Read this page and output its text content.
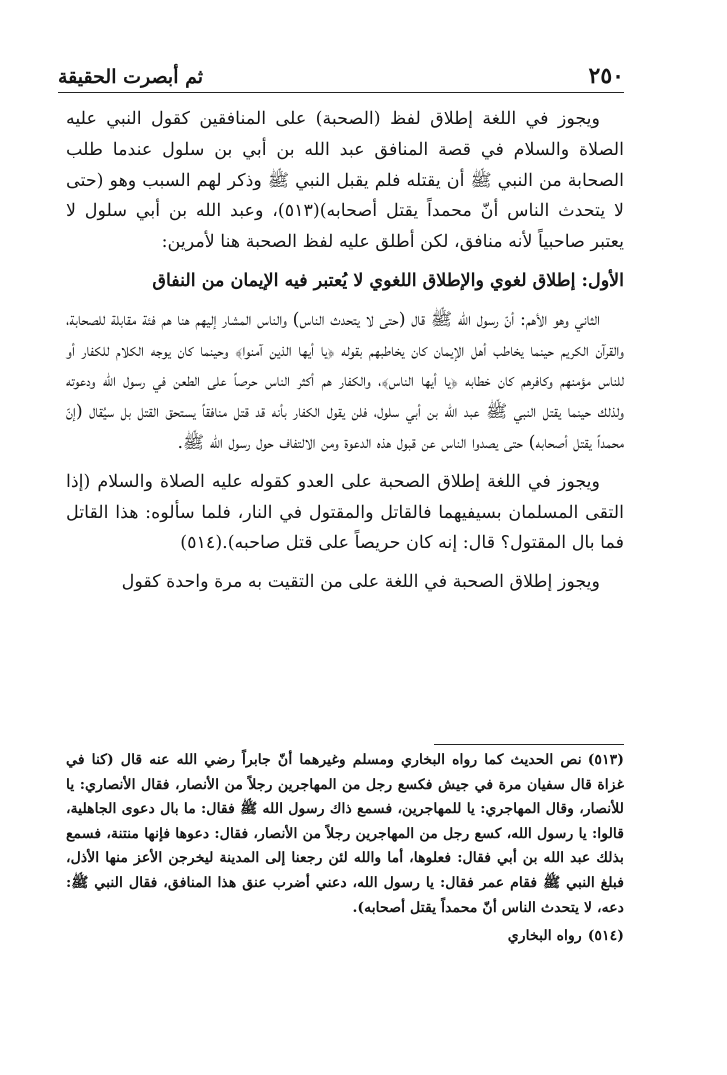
٢٥٠
ثم أبصرت الحقيقة

ويجوز في اللغة إطلاق لفظ (الصحبة) على المنافقين كقول النبي عليه الصلاة والسلام في قصة المنافق عبد الله بن أبي بن سلول عندما طلب الصحابة من النبي ﷺ أن يقتله فلم يقبل النبي ﷺ وذكر لهم السبب وهو (حتى لا يتحدث الناس أنّ محمداً يقتل أصحابه)(٥١٣)، وعبد الله بن أبي سلول لا يعتبر صاحبياً لأنه منافق، لكن أطلق عليه لفظ الصحبة هنا لأمرين:

الأول: إطلاق لغوي والإطلاق اللغوي لا يُعتبر فيه الإيمان من النفاق

الثاني وهو الأهم: أنّ رسول الله ﷺ قال (حتى لا يتحدث الناس) والناس المشار إليهم هنا هم فئة مقابلة للصحابة، والقرآن الكريم حينما يخاطب أهل الإيمان كان يخاطبهم بقوله ﴿يا أيها الذين آمنوا﴾ وحينما كان يوجه الكلام للكفار أو للناس مؤمنهم وكافرهم كان خطابه ﴿يا أيها الناس﴾، والكفار هم أكثر الناس حرصاً على الطعن في رسول الله ودعوته ولذلك حينما يقتل النبي ﷺ عبد الله بن أبي سلول، فلن يقول الكفار بأنه قد قتل منافقاً يستحق القتل بل سيُقال (إنّ محمداً يقتل أصحابه) حتى يصدوا الناس عن قبول هذه الدعوة ومن الالتفاف حول رسول الله ﷺ.

ويجوز في اللغة إطلاق الصحبة على العدو كقوله عليه الصلاة والسلام (إذا التقى المسلمان بسيفيهما فالقاتل والمقتول في النار، فلما سألوه: هذا القاتل فما بال المقتول؟ قال: إنه كان حريصاً على قتل صاحبه).(٥١٤)

ويجوز إطلاق الصحبة في اللغة على من التقيت به مرة واحدة كقول

(٥١٣)نص الحديث كما رواه البخاري ومسلم وغيرهما أنّ جابراً رضي الله عنه قال (كنا في غزاة قال سفيان مرة في جيش فكسع رجل من المهاجرين رجلاً من الأنصار، فقال الأنصاري: يا للأنصار، وقال المهاجري: يا للمهاجرين، فسمع ذاك رسول الله ﷺ فقال: ما بال دعوى الجاهلية، قالوا: يا رسول الله، كسع رجل من المهاجرين رجلاً من الأنصار، فقال: دعوها فإنها منتنة، فسمع بذلك عبد الله بن أبي فقال: فعلوها، أما والله لئن رجعنا إلى المدينة ليخرجن الأعز منها الأذل، فبلغ النبي ﷺ فقام عمر فقال: يا رسول الله، دعني أضرب عنق هذا المنافق، فقال النبي ﷺ: دعه، لا يتحدث الناس أنّ محمداً يقتل أصحابه).

(٥١٤)رواه البخاري
